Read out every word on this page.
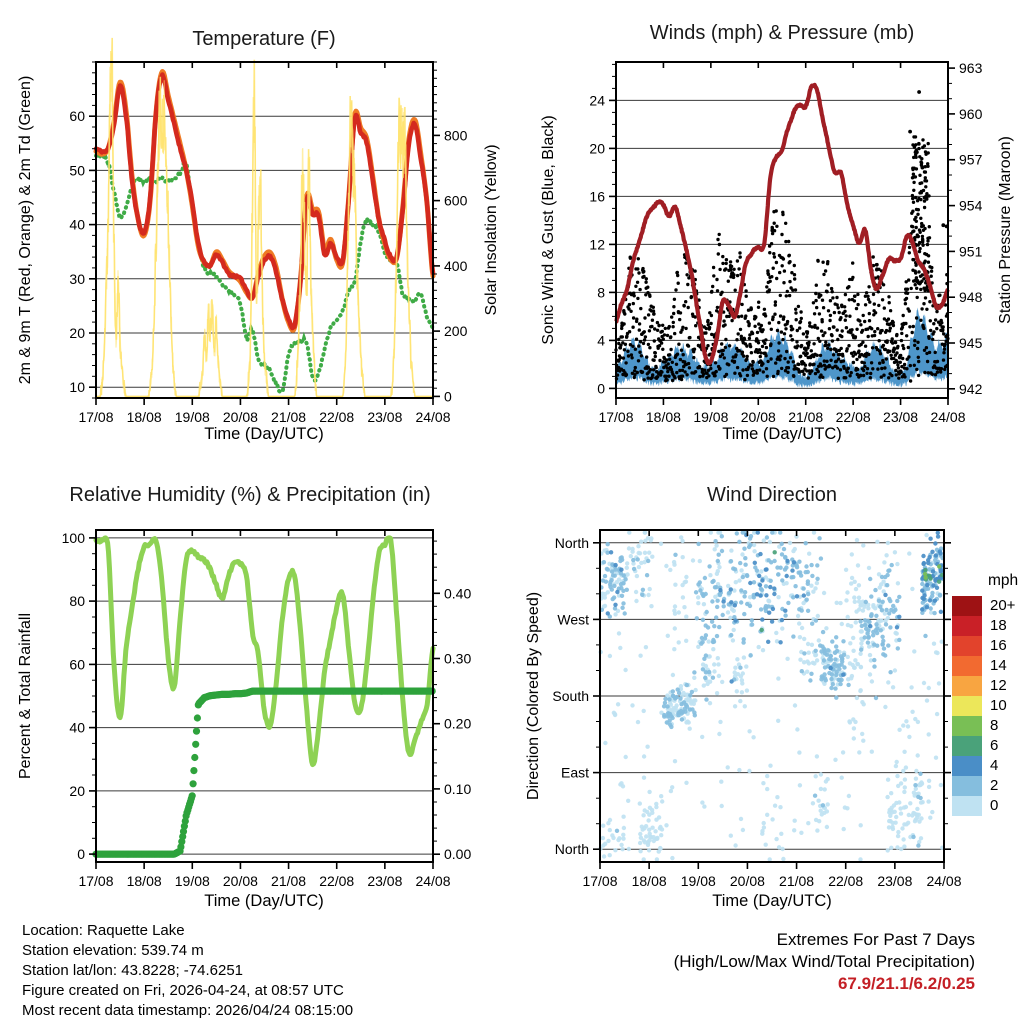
Temperature (F)
2m & 9m T (Red, Orange) & 2m Td (Green)	Solar Insolation (Yellow)
17/08 18/08 19/08 20/08 21/08 22/08 23/08 24/08
10
20
30
40
50
60
0
200
400
600
800
Time (Day/UTC)
Winds (mph) & Pressure (mb)
Sonic Wind & Gust (Blue, Black)	Station Pressure (Maroon)
17/08 18/08 19/08 20/08 21/08 22/08 23/08 24/08
0
4
8
12
16
20
24
942
945
948
951
954
957
960
963
Time (Day/UTC)
Relative Humidity (%) & Precipitation (in)
Percent & Total Rainfall
17/08 18/08 19/08 20/08 21/08 22/08 23/08 24/08
0
20
40
60
80
100
0.00
0.10
0.20
0.30
0.40
Time (Day/UTC)
Wind Direction
Direction (Colored By Speed)
17/08 18/08 19/08 20/08 21/08 22/08 23/08 24/08
North
West
South
East
North
Time (Day/UTC)
mph
20+
18
16
14
12
10
8
6
4
2
0
Location: Raquette Lake
Station elevation: 539.74 m
Station lat/lon: 43.8228; -74.6251
Figure created on Fri, 2026-04-24, at 08:57 UTC
Most recent data timestamp: 2026/04/24 08:15:00
Extremes For Past 7 Days
(High/Low/Max Wind/Total Precipitation)
67.9/21.1/6.2/0.25
